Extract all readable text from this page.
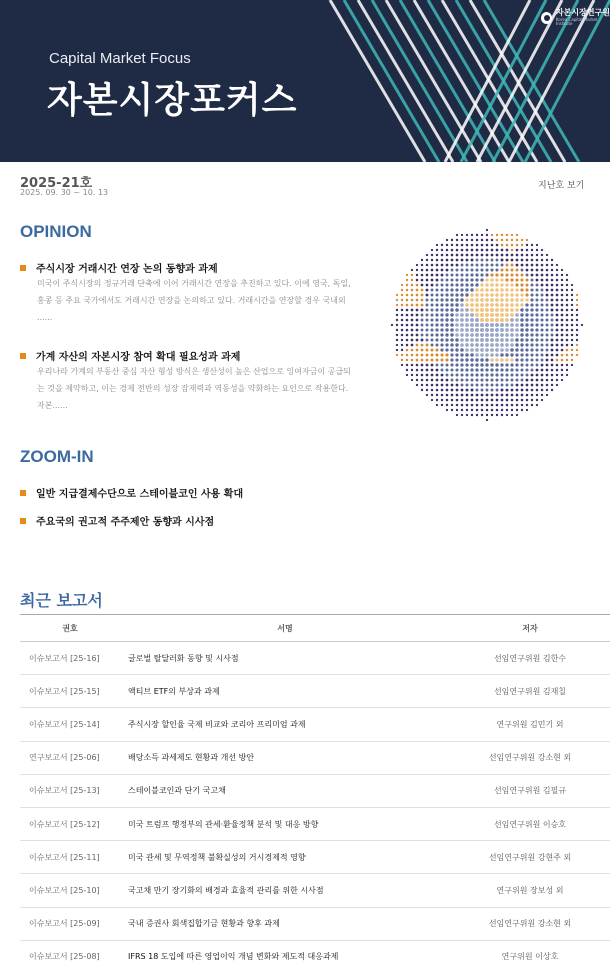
Capital Market Focus
자본시장포커스
자본시장연구원
Korea Capital Market Institute
2025-21호
2025. 09. 30 ~ 10. 13
지난호 보기
OPINION
주식시장 거래시간 연장 논의 동향과 과제
미국이 주식시장의 정규거래 단축에 이어 거래시간 연장을 추진하고 있다. 이에 영국, 독일, 홍콩 등 주요 국가에서도 거래시간 연장을 논의하고 있다. 거래시간을 연장할 경우 국내외 ......
가계 자산의 자본시장 참여 확대 필요성과 과제
우리나라 가계의 부동산 중심 자산 형성 방식은 생산성이 높은 산업으로 잉여자금이 공급되는 것을 제약하고, 이는 경제 전반의 성장 잠재력과 역동성을 약화하는 요인으로 작용한다. 자본......
ZOOM-IN
일반 지급결제수단으로 스테이블코인 사용 확대
주요국의 권고적 주주제안 동향과 시사점
최근 보고서
권호	서명	저자
이슈보고서 [25-16]	글로벌 탈달러화 동향 및 시사점	선임연구위원 김한수
이슈보고서 [25-15]	액티브 ETF의 부상과 과제	선임연구위원 김재칠
이슈보고서 [25-14]	주식시장 할인율 국제 비교와 코리아 프리미엄 과제	연구위원 김민기 외
연구보고서 [25-06]	배당소득 과세제도 현황과 개선 방안	선임연구위원 강소현 외
이슈보고서 [25-13]	스테이블코인과 단기 국고채	선임연구위원 김필규
이슈보고서 [25-12]	미국 트럼프 행정부의 관세·환율정책 분석 및 대응 방향	선임연구위원 이승호
이슈보고서 [25-11]	미국 관세 및 무역정책 불확실성의 거시경제적 영향	선임연구위원 강현주 외
이슈보고서 [25-10]	국고채 만기 장기화의 배경과 효율적 관리를 위한 시사점	연구위원 장보성 외
이슈보고서 [25-09]	국내 증권사 회색집합기금 현황과 향후 과제	선임연구위원 강소현 외
이슈보고서 [25-08]	IFRS 18 도입에 따른 영업이익 개념 변화와 제도적 대응과제	연구위원 이상호
